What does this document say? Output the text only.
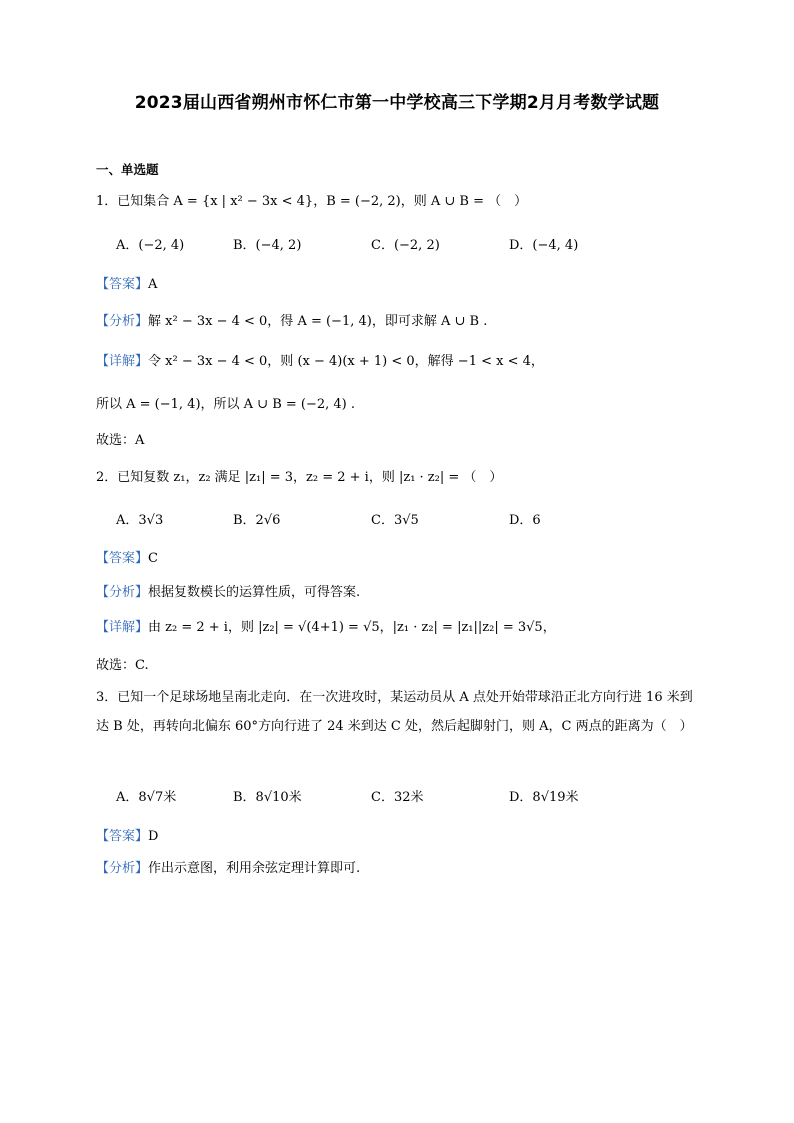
2023届山西省朔州市怀仁市第一中学校高三下学期2月月考数学试题
一、单选题
1．已知集合 A = {x | x² − 3x < 4}，B = (−2, 2)，则 A ∪ B = （　）
A．(−2, 4)	B．(−4, 2)	C．(−2, 2)	D．(−4, 4)
【答案】A
【分析】解 x² − 3x − 4 < 0，得 A = (−1, 4)，即可求解 A ∪ B .
【详解】令 x² − 3x − 4 < 0，则 (x − 4)(x + 1) < 0，解得 −1 < x < 4，
所以 A = (−1, 4)，所以 A ∪ B = (−2, 4) .
故选：A
2．已知复数 z₁，z₂ 满足 |z₁| = 3，z₂ = 2 + i，则 |z₁ · z₂| = （　）
A．3√3	B．2√6	C．3√5	D．6
【答案】C
【分析】根据复数模长的运算性质，可得答案.
【详解】由 z₂ = 2 + i，则 |z₂| = √(4+1) = √5，|z₁ · z₂| = |z₁||z₂| = 3√5，
故选：C.
3．已知一个足球场地呈南北走向．在一次进攻时，某运动员从 A 点处开始带球沿正北方向行进 16 米到达 B 处，再转向北偏东 60°方向行进了 24 米到达 C 处，然后起脚射门，则 A，C 两点的距离为（　）
A．8√7米	B．8√10米	C．32米	D．8√19米
【答案】D
【分析】作出示意图，利用余弦定理计算即可.
